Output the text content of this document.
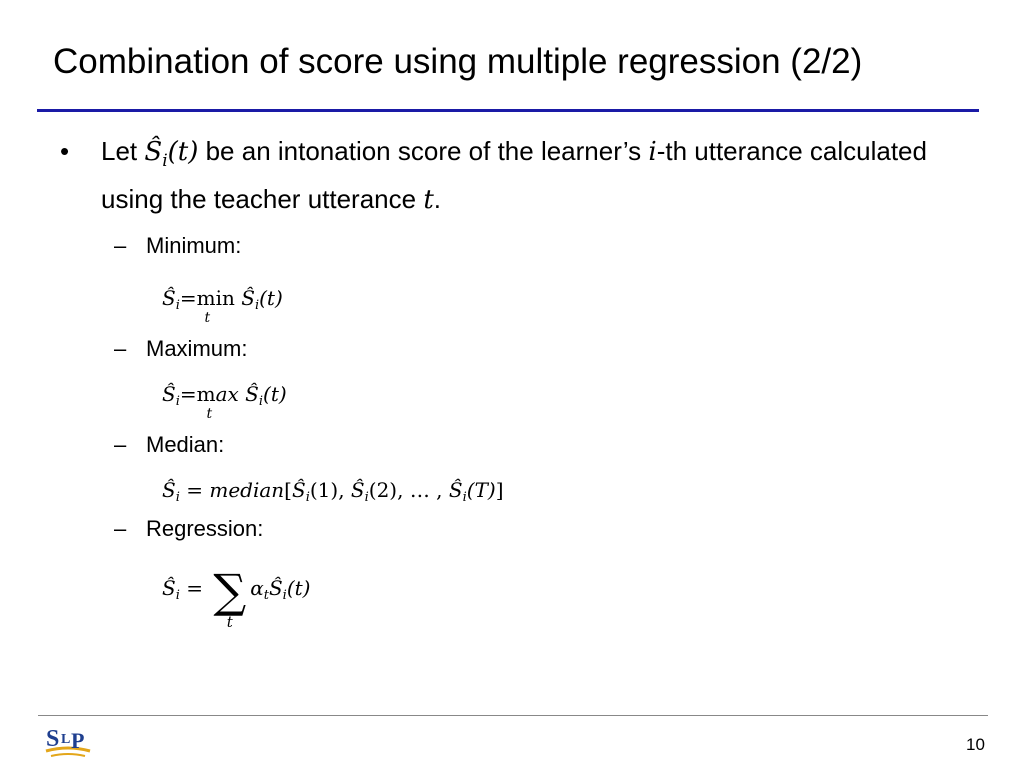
Combination of score using multiple regression (2/2)
• Let $Ŝ_i(t)$ be an intonation score of the learner’s i-th utterance calculated using the teacher utterance t.
– Minimum:
$Ŝ_i=\min$
t
$Ŝ_i(t)$
– Maximum:
$Ŝ_i=\max$
t
$Ŝ_i(t)$
– Median:
$Ŝ_i$ = $median[Ŝ_i(1)$, $Ŝ_i(2)$, … , $Ŝ_i(T)$]
– Regression:
$Ŝ_i$ = ∑
t
$\alpha_tŜ_i(t)$
S L P	10
